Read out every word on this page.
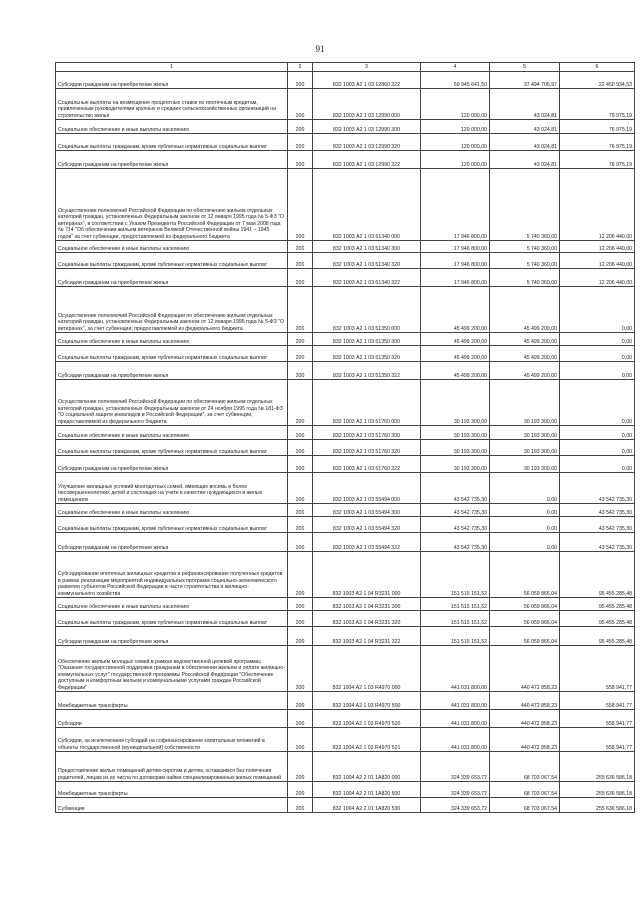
91
1	2	3	4	5	6
Субсидии гражданам на приобретение жилья	200	832 1003 А2 1 03 12860 322	59 945 641,50	37 494 706,97	22 450 934,53
Социальные выплаты на возмещение процентных ставок по ипотечным кредитам, привлеченным руководителями крупных и средних сельскохозяйственных организаций на строительство жилья	200	832 1003 А2 1 03 12990 000	120 000,00	43 024,81	76 975,19
Социальное обеспечение и иные выплаты населению	200	832 1003 А2 1 03 12990 300	120 000,00	43 024,81	76 975,19
Социальные выплаты гражданам, кроме публичных нормативных социальных выплат	200	832 1003 А2 1 03 12990 320	120 000,00	43 024,81	76 975,19
Субсидии гражданам на приобретение жилья	200	832 1003 А2 1 03 12990 322	120 000,00	43 024,81	76 975,19
Осуществление полномочий Российской Федерации по обеспечению жильем отдельных категорий граждан, установленных Федеральным законом от 12 января 1995 года № 5-ФЗ "О ветеранах", в соответствии с Указом Президента Российской Федерации от 7 мая 2008 года № 714 "Об обеспечении жильем ветеранов Великой Отечественной войны 1941 – 1945 годов" за счет субвенции, предоставляемой из федерального бюджета	200	832 1003 А2 1 03 51340 000	17 946 800,00	5 740 360,00	12 206 440,00
Социальное обеспечение и иные выплаты населению	200	832 1003 А2 1 03 51340 300	17 946 800,00	5 740 360,00	12 206 440,00
Социальные выплаты гражданам, кроме публичных нормативных социальных выплат	200	832 1003 А2 1 03 51340 320	17 946 800,00	5 740 360,00	12 206 440,00
Субсидии гражданам на приобретение жилья	200	832 1003 А2 1 03 51340 322	17 946 800,00	5 740 360,00	12 206 440,00
Осуществление полномочий Российской Федерации по обеспечению жильем отдельных категорий граждан, установленных Федеральным законом от 12 января 1995 года № 5-ФЗ "О ветеранах", за счет субвенции, предоставляемой из федерального бюджета	200	832 1003 А2 1 03 51350 000	45 499 200,00	45 499 200,00	0,00
Социальное обеспечение и иные выплаты населению	200	832 1003 А2 1 03 51350 300	45 499 200,00	45 499 200,00	0,00
Социальные выплаты гражданам, кроме публичных нормативных социальных выплат	200	832 1003 А2 1 03 51350 320	45 499 200,00	45 499 200,00	0,00
Субсидии гражданам на приобретение жилья	200	832 1003 А2 1 03 51350 322	45 499 200,00	45 499 200,00	0,00
Осуществление полномочий Российской Федерации по обеспечению жильем отдельных категорий граждан, установленных Федеральным законом от 24 ноября 1995 года № 181-ФЗ "О социальной защите инвалидов в Российской Федерации", за счет субвенции, предоставляемой из федерального бюджета	200	832 1003 А2 1 03 51760 000	30 193 300,00	30 193 300,00	0,00
Социальное обеспечение и иные выплаты населению	200	832 1003 А2 1 03 51760 300	30 193 300,00	30 193 300,00	0,00
Социальные выплаты гражданам, кроме публичных нормативных социальных выплат	200	832 1003 А2 1 03 51760 320	30 193 300,00	30 193 300,00	0,00
Субсидии гражданам на приобретение жилья	200	832 1003 А2 1 03 51760 322	30 193 300,00	30 193 300,00	0,00
Улучшение жилищных условий многодетных семей, имеющих восемь и более несовершеннолетних детей и состоящих на учете в качестве нуждающихся в жилых помещениях	200	832 1003 А2 1 03 55494 000	43 542 735,30	0,00	43 542 735,30
Социальное обеспечение и иные выплаты населению	200	832 1003 А2 1 03 55494 300	43 542 735,30	0,00	43 542 735,30
Социальные выплаты гражданам, кроме публичных нормативных социальных выплат	200	832 1003 А2 1 03 55494 320	43 542 735,30	0,00	43 542 735,30
Субсидии гражданам на приобретение жилья	200	832 1003 А2 1 03 55494 322	43 542 735,30	0,00	43 542 735,30
Субсидирование ипотечных жилищных кредитов и рефинансирование полученных кредитов в рамках реализации мероприятий индивидуальных программ социально-экономического развития субъектов Российской Федерации в части строительства и жилищно-коммунального хозяйства	200	832 1003 А2 1 04 R3231 000	151 515 151,52	56 059 866,04	95 455 285,48
Социальное обеспечение и иные выплаты населению	200	832 1003 А2 1 04 R3231 300	151 515 151,52	56 059 866,04	95 455 285,48
Социальные выплаты гражданам, кроме публичных нормативных социальных выплат	200	832 1003 А2 1 04 R3231 320	151 515 151,52	56 059 866,04	95 455 285,48
Субсидии гражданам на приобретение жилья	200	832 1003 А2 1 04 R3231 322	151 515 151,52	56 059 866,04	95 455 285,48
Обеспечение жильем молодых семей в рамках ведомственной целевой программы "Оказание государственной поддержки гражданам в обеспечении жильем и оплате жилищно-коммунальных услуг" государственной программы Российской Федерации "Обеспечение доступным и комфортным жильем и коммунальными услугами граждан Российской Федерации"	200	832 1004 А2 1 03 R4970 000	441 031 800,00	440 472 858,23	558 941,77
Межбюджетные трансферты	200	832 1004 А2 1 03 R4970 500	441 031 800,00	440 472 858,23	558 941,77
Субсидии	200	832 1004 А2 1 03 R4970 520	441 031 800,00	440 472 858,23	558 941,77
Субсидии, за исключением субсидий на софинансирование капитальных вложений в объекты государственной (муниципальной) собственности	200	832 1004 А2 1 03 R4970 521	441 031 800,00	440 472 858,23	558 941,77
Предоставление жилых помещений детям-сиротам и детям, оставшимся без попечения родителей, лицам из их числа по договорам найма специализированных жилых помещений	200	832 1004 А2 2 01 1А820 000	324 339 653,72	68 703 067,54	255 636 586,18
Межбюджетные трансферты	200	832 1004 А2 2 01 1А820 500	324 339 653,72	68 703 067,54	255 636 586,18
Субвенции	200	832 1004 А2 2 01 1А820 530	324 339 653,72	68 703 067,54	255 636 586,18
